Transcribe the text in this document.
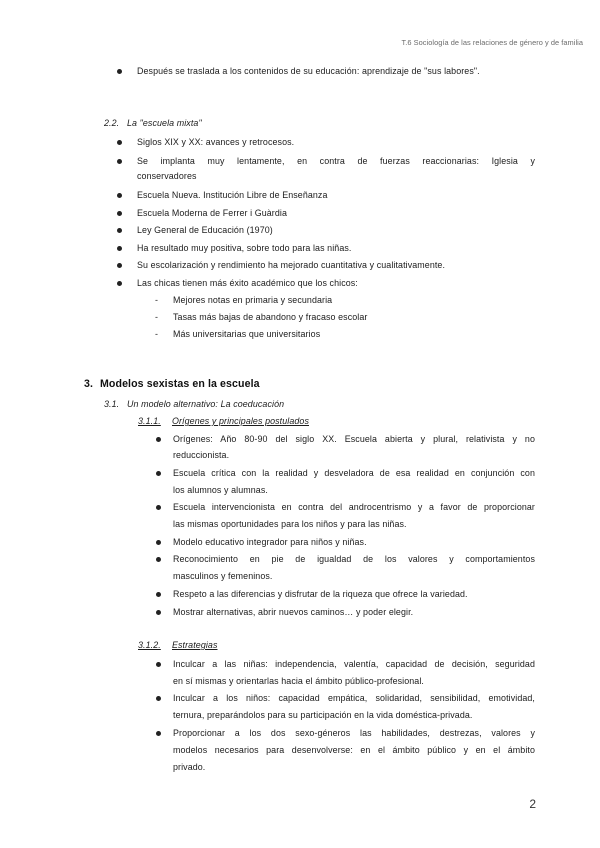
T.6 Sociología de las relaciones de género y de familia
Después se traslada a los contenidos de su educación: aprendizaje de "sus labores".
2.2. La "escuela mixta"
Siglos XIX y XX: avances y retrocesos.
Se implanta muy lentamente, en contra de fuerzas reaccionarias: Iglesia y
conservadores
Escuela Nueva. Institución Libre de Enseñanza
Escuela Moderna de Ferrer i Guàrdia
Ley General de Educación (1970)
Ha resultado muy positiva, sobre todo para las niñas.
Su escolarización y rendimiento ha mejorado cuantitativa y cualitativamente.
Las chicas tienen más éxito académico que los chicos:
- Mejores notas en primaria y secundaria
- Tasas más bajas de abandono y fracaso escolar
- Más universitarias que universitarios
3. Modelos sexistas en la escuela
3.1. Un modelo alternativo: La coeducación
3.1.1. Orígenes y principales postulados
Orígenes: Año 80-90 del siglo XX. Escuela abierta y plural, relativista y no
reduccionista.
Escuela crítica con la realidad y desveladora de esa realidad en conjunción con
los alumnos y alumnas.
Escuela intervencionista en contra del androcentrismo y a favor de proporcionar
las mismas oportunidades para los niños y para las niñas.
Modelo educativo integrador para niños y niñas.
Reconocimiento en pie de igualdad de los valores y comportamientos
masculinos y femeninos.
Respeto a las diferencias y disfrutar de la riqueza que ofrece la variedad.
Mostrar alternativas, abrir nuevos caminos… y poder elegir.
3.1.2. Estrategias
Inculcar a las niñas: independencia, valentía, capacidad de decisión, seguridad
en sí mismas y orientarlas hacia el ámbito público-profesional.
Inculcar a los niños: capacidad empática, solidaridad, sensibilidad, emotividad,
ternura, preparándolos para su participación en la vida doméstica-privada.
Proporcionar a los dos sexo-géneros las habilidades, destrezas, valores y
modelos necesarios para desenvolverse: en el ámbito público y en el ámbito
privado.
2
